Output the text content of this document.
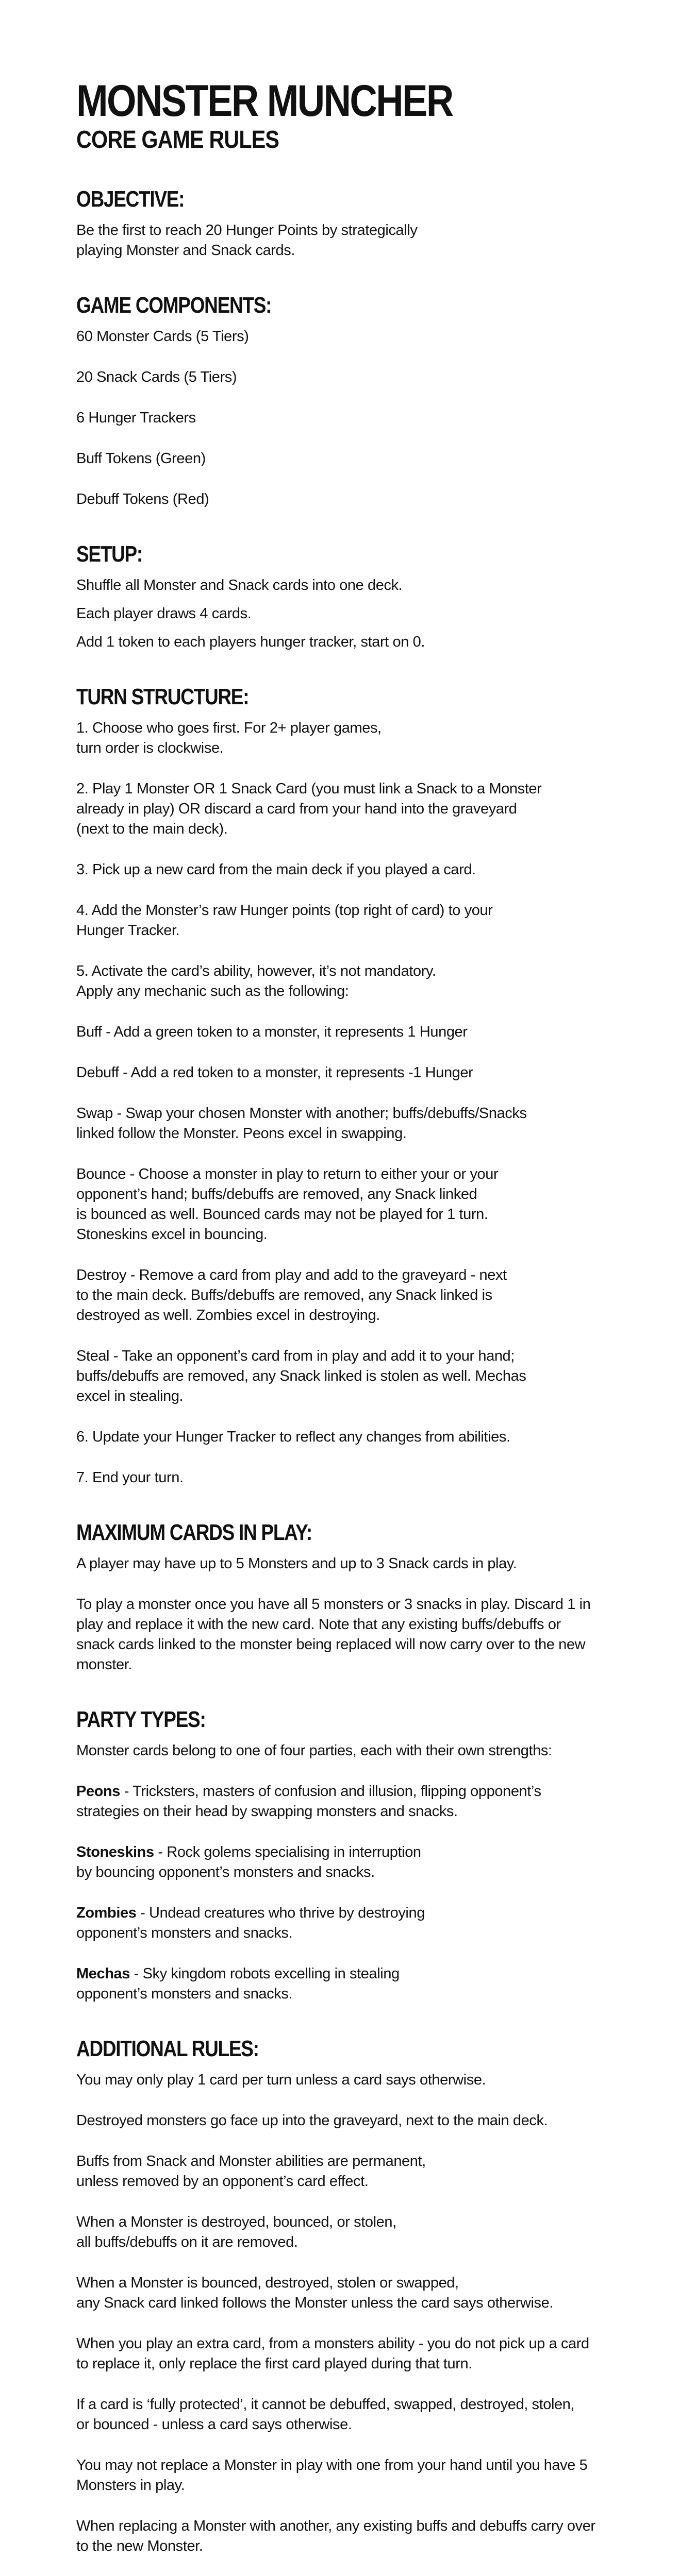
MONSTER MUNCHER
CORE GAME RULES
OBJECTIVE:

Be the first to reach 20 Hunger Points by strategically
playing Monster and Snack cards.

GAME COMPONENTS:

60 Monster Cards (5 Tiers)

20 Snack Cards (5 Tiers)

6 Hunger Trackers

Buff Tokens (Green)

Debuff Tokens (Red)

SETUP:

Shuffle all Monster and Snack cards into one deck.

Each player draws 4 cards.

Add 1 token to each players hunger tracker, start on 0.

TURN STRUCTURE:

1. Choose who goes first. For 2+ player games,
turn order is clockwise.

2. Play 1 Monster OR 1 Snack Card (you must link a Snack to a Monster
already in play) OR discard a card from your hand into the graveyard
(next to the main deck).

3. Pick up a new card from the main deck if you played a card.

4. Add the Monster’s raw Hunger points (top right of card) to your
Hunger Tracker.

5. Activate the card’s ability, however, it’s not mandatory.
Apply any mechanic such as the following:

Buff - Add a green token to a monster, it represents 1 Hunger

Debuff - Add a red token to a monster, it represents -1 Hunger

Swap - Swap your chosen Monster with another; buffs/debuffs/Snacks
linked follow the Monster. Peons excel in swapping.

Bounce - Choose a monster in play to return to either your or your
opponent’s hand; buffs/debuffs are removed, any Snack linked
is bounced as well. Bounced cards may not be played for 1 turn.
Stoneskins excel in bouncing.

Destroy - Remove a card from play and add to the graveyard - next
to the main deck. Buffs/debuffs are removed, any Snack linked is
destroyed as well. Zombies excel in destroying.

Steal - Take an opponent’s card from in play and add it to your hand;
buffs/debuffs are removed, any Snack linked is stolen as well. Mechas
excel in stealing.

6. Update your Hunger Tracker to reflect any changes from abilities.

7. End your turn.

MAXIMUM CARDS IN PLAY:

A player may have up to 5 Monsters and up to 3 Snack cards in play.

To play a monster once you have all 5 monsters or 3 snacks in play. Discard 1 in
play and replace it with the new card. Note that any existing buffs/debuffs or
snack cards linked to the monster being replaced will now carry over to the new
monster.

PARTY TYPES:

Monster cards belong to one of four parties, each with their own strengths:

Peons - Tricksters, masters of confusion and illusion, flipping opponent’s
strategies on their head by swapping monsters and snacks.

Stoneskins - Rock golems specialising in interruption
by bouncing opponent’s monsters and snacks.

Zombies - Undead creatures who thrive by destroying
opponent’s monsters and snacks.

Mechas - Sky kingdom robots excelling in stealing
opponent’s monsters and snacks.

ADDITIONAL RULES:

You may only play 1 card per turn unless a card says otherwise.

Destroyed monsters go face up into the graveyard, next to the main deck.

Buffs from Snack and Monster abilities are permanent,
unless removed by an opponent’s card effect.

When a Monster is destroyed, bounced, or stolen,
all buffs/debuffs on it are removed.

When a Monster is bounced, destroyed, stolen or swapped,
any Snack card linked follows the Monster unless the card says otherwise.

When you play an extra card, from a monsters ability - you do not pick up a card
to replace it, only replace the first card played during that turn.

If a card is ‘fully protected’, it cannot be debuffed, swapped, destroyed, stolen,
or bounced - unless a card says otherwise.

You may not replace a Monster in play with one from your hand until you have 5
Monsters in play.

When replacing a Monster with another, any existing buffs and debuffs carry over
to the new Monster.
